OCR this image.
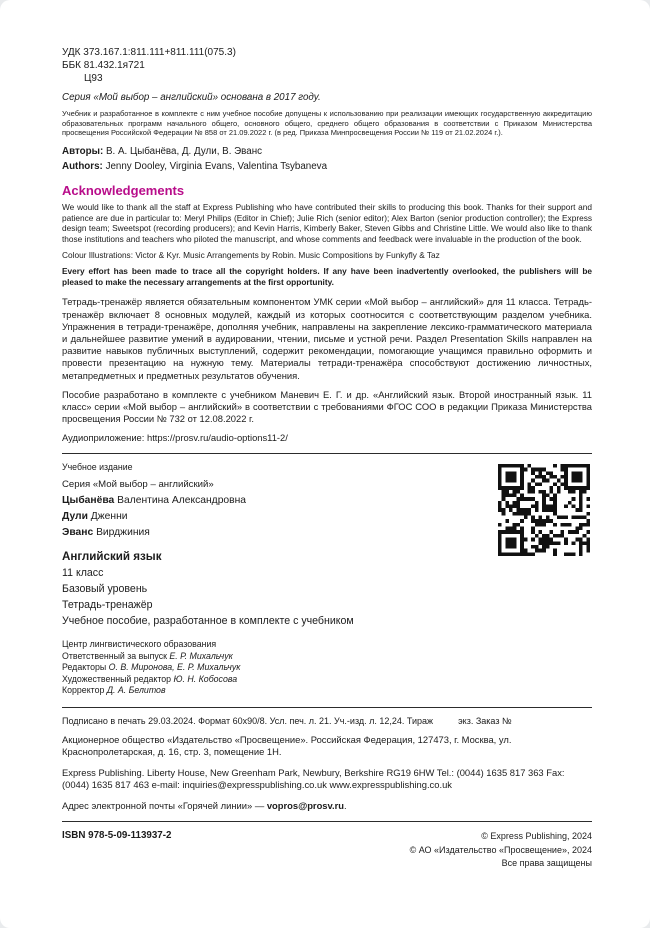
УДК 373.167.1:811.111+811.111(075.3)

ББК 81.432.1я721

Ц93

Серия «Мой выбор – английский» основана в 2017 году.

Учебник и разработанное в комплекте с ним учебное пособие допущены к использованию при реализации имеющих государственную аккредитацию образовательных программ начального общего, основного общего, среднего общего образования в соответствии с Приказом Министерства просвещения Российской Федерации № 858 от 21.09.2022 г. (в ред. Приказа Минпросвещения России № 119 от 21.02.2024 г.).

Авторы: В. А. Цыбанёва, Д. Дули, В. Эванс

Authors: Jenny Dooley, Virginia Evans, Valentina Tsybaneva

Acknowledgements

We would like to thank all the staff at Express Publishing who have contributed their skills to producing this book. Thanks for their support and patience are due in particular to: Meryl Philips (Editor in Chief); Julie Rich (senior editor); Alex Barton (senior production controller); the Express design team; Sweetspot (recording producers); and Kevin Harris, Kimberly Baker, Steven Gibbs and Christine Little. We would also like to thank those institutions and teachers who piloted the manuscript, and whose comments and feedback were invaluable in the production of the book.

Colour Illustrations: Victor & Kyr. Music Arrangements by Robin. Music Compositions by Funkyfly & Taz

Every effort has been made to trace all the copyright holders. If any have been inadvertently overlooked, the publishers will be pleased to make the necessary arrangements at the first opportunity.

Тетрадь-тренажёр является обязательным компонентом УМК серии «Мой выбор – английский» для 11 класса. Тетрадь-тренажёр включает 8 основных модулей, каждый из которых соотносится с соответствующим разделом учебника. Упражнения в тетради-тренажёре, дополняя учебник, направлены на закрепление лексико-грамматического материала и дальнейшее развитие умений в аудировании, чтении, письме и устной речи. Раздел Presentation Skills направлен на развитие навыков публичных выступлений, содержит рекомендации, помогающие учащимся правильно оформить и провести презентацию на нужную тему. Материалы тетради-тренажёра способствуют достижению личностных, метапредметных и предметных результатов обучения.

Пособие разработано в комплекте с учебником Маневич Е. Г. и др. «Английский язык. Второй иностранный язык. 11 класс» серии «Мой выбор – английский» в соответствии с требованиями ФГОС СОО в редакции Приказа Министерства просвещения России № 732 от 12.08.2022 г.

Аудиоприложение: https://prosv.ru/audio-options11-2/

Учебное издание

Серия «Мой выбор – английский»

Цыбанёва Валентина Александровна

Дули Дженни

Эванс Вирджиния

Английский язык

11 класс

Базовый уровень

Тетрадь-тренажёр

Учебное пособие, разработанное в комплекте с учебником

Центр лингвистического образования

Ответственный за выпуск Е. Р. Михальчук

Редакторы О. В. Миронова, Е. Р. Михальчук

Художественный редактор Ю. Н. Кобосова

Корректор Д. А. Белитов

Подписано в печать 29.03.2024. Формат 60х90/8. Усл. печ. л. 21. Уч.-изд. л. 12,24. Тираж          экз. Заказ №

Акционерное общество «Издательство «Просвещение». Российская Федерация, 127473, г. Москва, ул. Краснопролетарская, д. 16, стр. 3, помещение 1Н.

Express Publishing. Liberty House, New Greenham Park, Newbury, Berkshire RG19 6HW Tel.: (0044) 1635 817 363 Fax: (0044) 1635 817 463 e-mail: inquiries@expresspublishing.co.uk www.expresspublishing.co.uk

Адрес электронной почты «Горячей линии» — vopros@prosv.ru.

ISBN 978-5-09-113937-2	© Express Publishing, 2024

© АО «Издательство «Просвещение», 2024

Все права защищены
